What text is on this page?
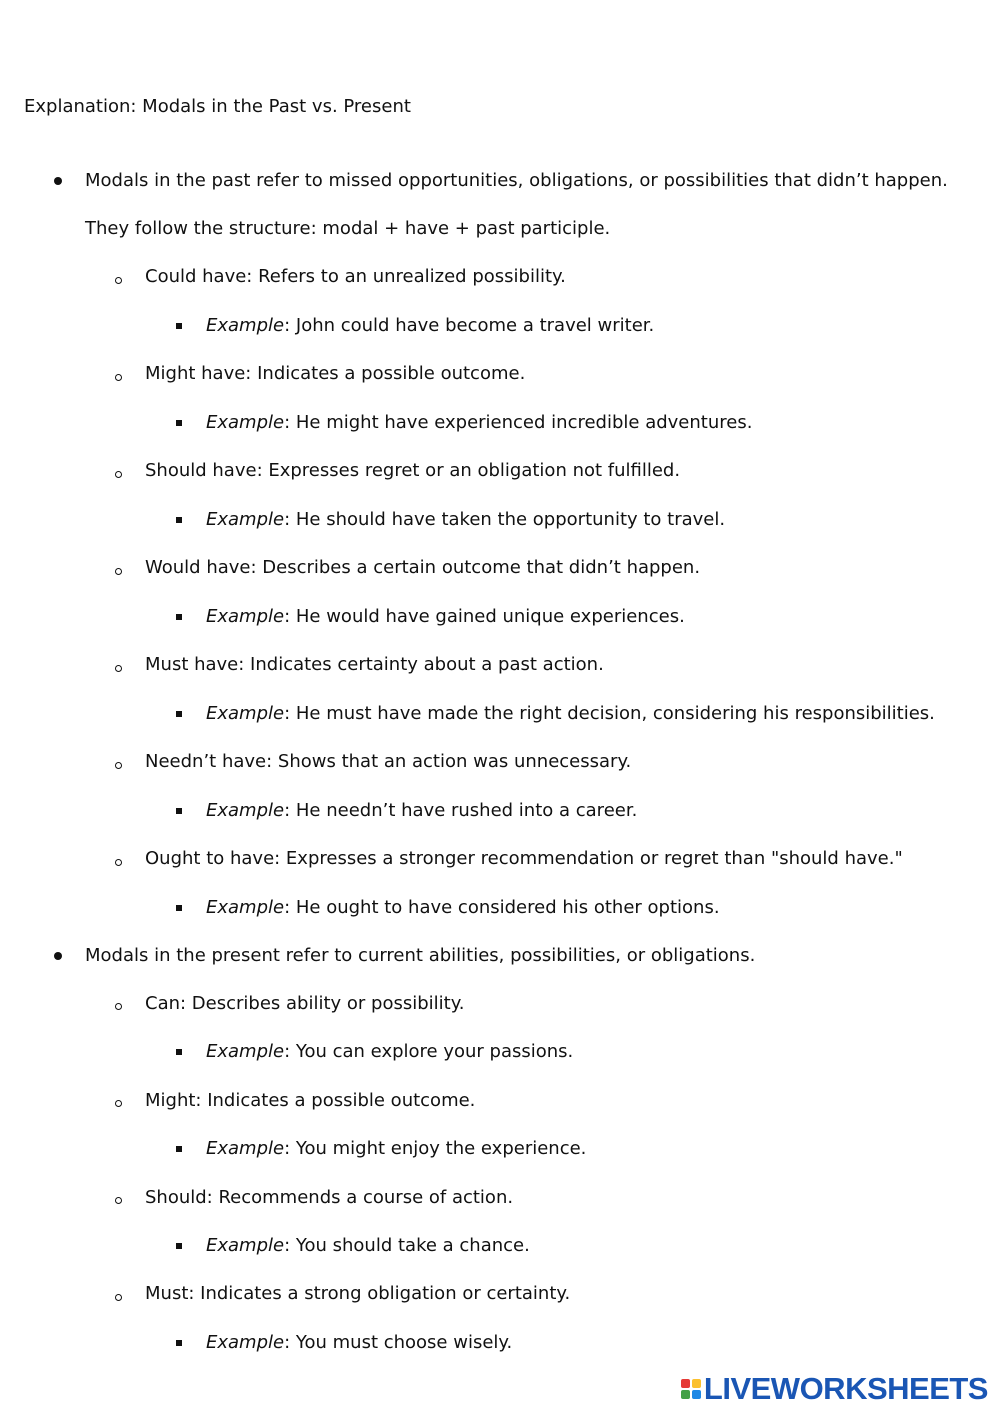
Explanation: Modals in the Past vs. Present
Modals in the past refer to missed opportunities, obligations, or possibilities that didn’t happen.
They follow the structure: modal + have + past participle.
Could have: Refers to an unrealized possibility.
Example: John could have become a travel writer.
Might have: Indicates a possible outcome.
Example: He might have experienced incredible adventures.
Should have: Expresses regret or an obligation not fulfilled.
Example: He should have taken the opportunity to travel.
Would have: Describes a certain outcome that didn’t happen.
Example: He would have gained unique experiences.
Must have: Indicates certainty about a past action.
Example: He must have made the right decision, considering his responsibilities.
Needn’t have: Shows that an action was unnecessary.
Example: He needn’t have rushed into a career.
Ought to have: Expresses a stronger recommendation or regret than "should have."
Example: He ought to have considered his other options.
Modals in the present refer to current abilities, possibilities, or obligations.
Can: Describes ability or possibility.
Example: You can explore your passions.
Might: Indicates a possible outcome.
Example: You might enjoy the experience.
Should: Recommends a course of action.
Example: You should take a chance.
Must: Indicates a strong obligation or certainty.
Example: You must choose wisely.
LIVEWORKSHEETS
